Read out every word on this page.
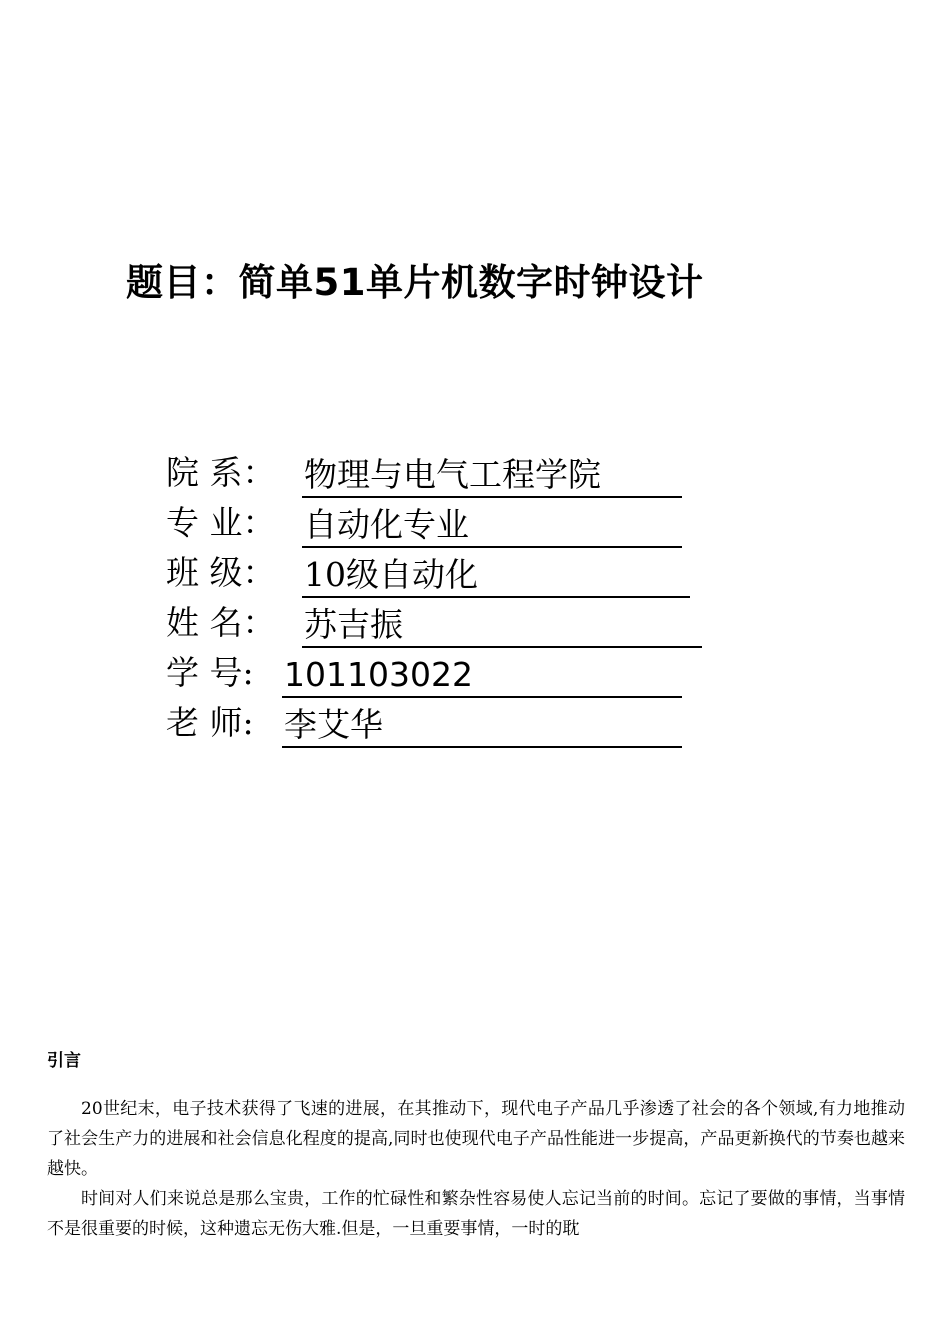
题目：简单51单片机数字时钟设计
院 系： 物理与电气工程学院
专 业： 自动化专业
班 级： 10级自动化
姓 名： 苏吉振
学 号: 101103022
老 师: 李艾华
引言

20世纪末，电子技术获得了飞速的进展，在其推动下，现代电子产品几乎渗透了社会的各个领域,有力地推动了社会生产力的进展和社会信息化程度的提高,同时也使现代电子产品性能进一步提高，产品更新换代的节奏也越来越快。

时间对人们来说总是那么宝贵，工作的忙碌性和繁杂性容易使人忘记当前的时间。忘记了要做的事情，当事情不是很重要的时候，这种遗忘无伤大雅.但是，一旦重要事情，一时的耽
